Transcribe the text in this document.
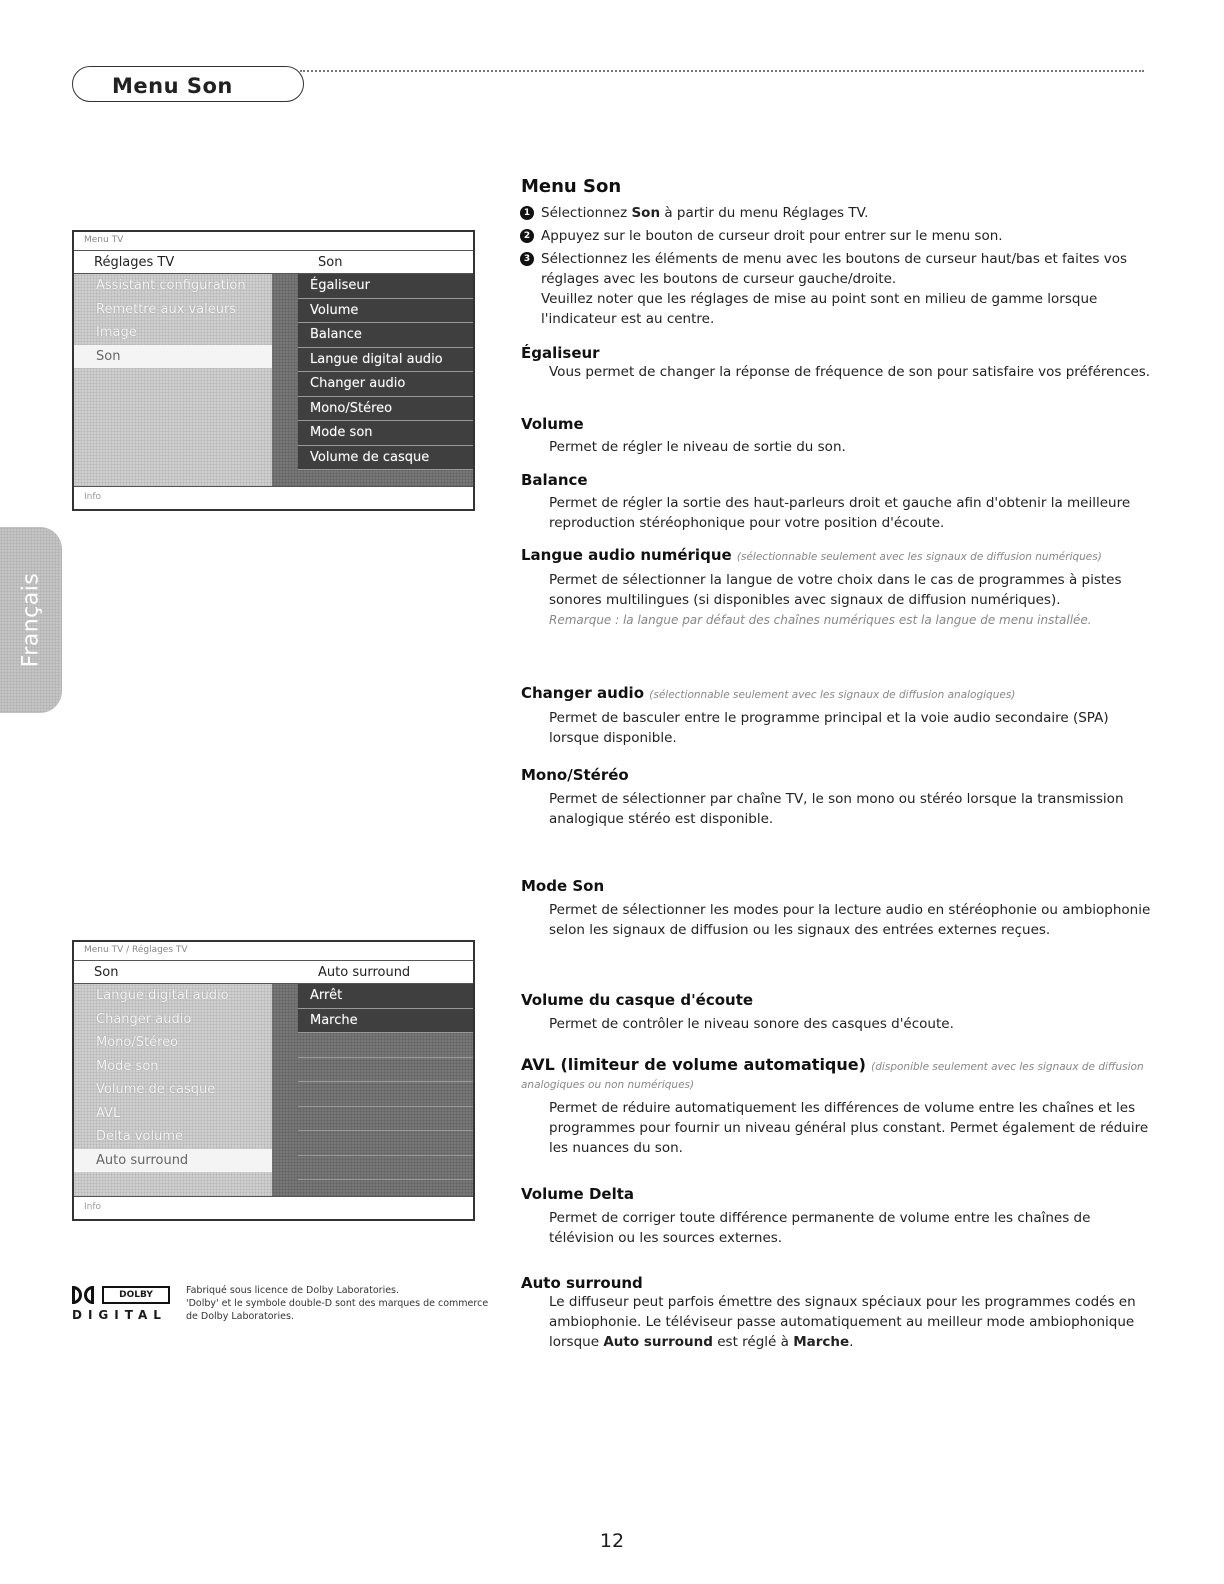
Menu Son
Français
Menu TV
Réglages TV	Son
Assistant configuration
Remettre aux valeurs
Image
Son
Égaliseur
Volume
Balance
Langue digital audio
Changer audio
Mono/Stéreo
Mode son
Volume de casque
Info
Menu TV / Réglages TV
Son	Auto surround
Langue digital audio
Changer audio
Mono/Stéreo
Mode son
Volume de casque
AVL
Delta volume
Auto surround
Arrêt
Marche
Info
DOLBY
DIGITAL
Fabriqué sous licence de Dolby Laboratories.
'Dolby' et le symbole double-D sont des marques de commerce de Dolby Laboratories.
Menu Son
1 Sélectionnez Son à partir du menu Réglages TV.
2 Appuyez sur le bouton de curseur droit pour entrer sur le menu son.
3 Sélectionnez les éléments de menu avec les boutons de curseur haut/bas et faites vos réglages avec les boutons de curseur gauche/droite.
Veuillez noter que les réglages de mise au point sont en milieu de gamme lorsque l'indicateur est au centre.
Égaliseur
Vous permet de changer la réponse de fréquence de son pour satisfaire vos préférences.
Volume
Permet de régler le niveau de sortie du son.
Balance
Permet de régler la sortie des haut-parleurs droit et gauche afin d'obtenir la meilleure reproduction stéréophonique pour votre position d'écoute.
Langue audio numérique (sélectionnable seulement avec les signaux de diffusion numériques)
Permet de sélectionner la langue de votre choix dans le cas de programmes à pistes sonores multilingues (si disponibles avec signaux de diffusion numériques).
Remarque : la langue par défaut des chaînes numériques est la langue de menu installée.
Changer audio (sélectionnable seulement avec les signaux de diffusion analogiques)
Permet de basculer entre le programme principal et la voie audio secondaire (SPA) lorsque disponible.
Mono/Stéréo
Permet de sélectionner par chaîne TV, le son mono ou stéréo lorsque la transmission analogique stéréo est disponible.
Mode Son
Permet de sélectionner les modes pour la lecture audio en stéréophonie ou ambiophonie selon les signaux de diffusion ou les signaux des entrées externes reçues.
Volume du casque d'écoute
Permet de contrôler le niveau sonore des casques d'écoute.
AVL (limiteur de volume automatique) (disponible seulement avec les signaux de diffusion analogiques ou non numériques)
Permet de réduire automatiquement les différences de volume entre les chaînes et les programmes pour fournir un niveau général plus constant. Permet également de réduire les nuances du son.
Volume Delta
Permet de corriger toute différence permanente de volume entre les chaînes de télévision ou les sources externes.
Auto surround
Le diffuseur peut parfois émettre des signaux spéciaux pour les programmes codés en ambiophonie. Le téléviseur passe automatiquement au meilleur mode ambiophonique lorsque Auto surround est réglé à Marche.
12
